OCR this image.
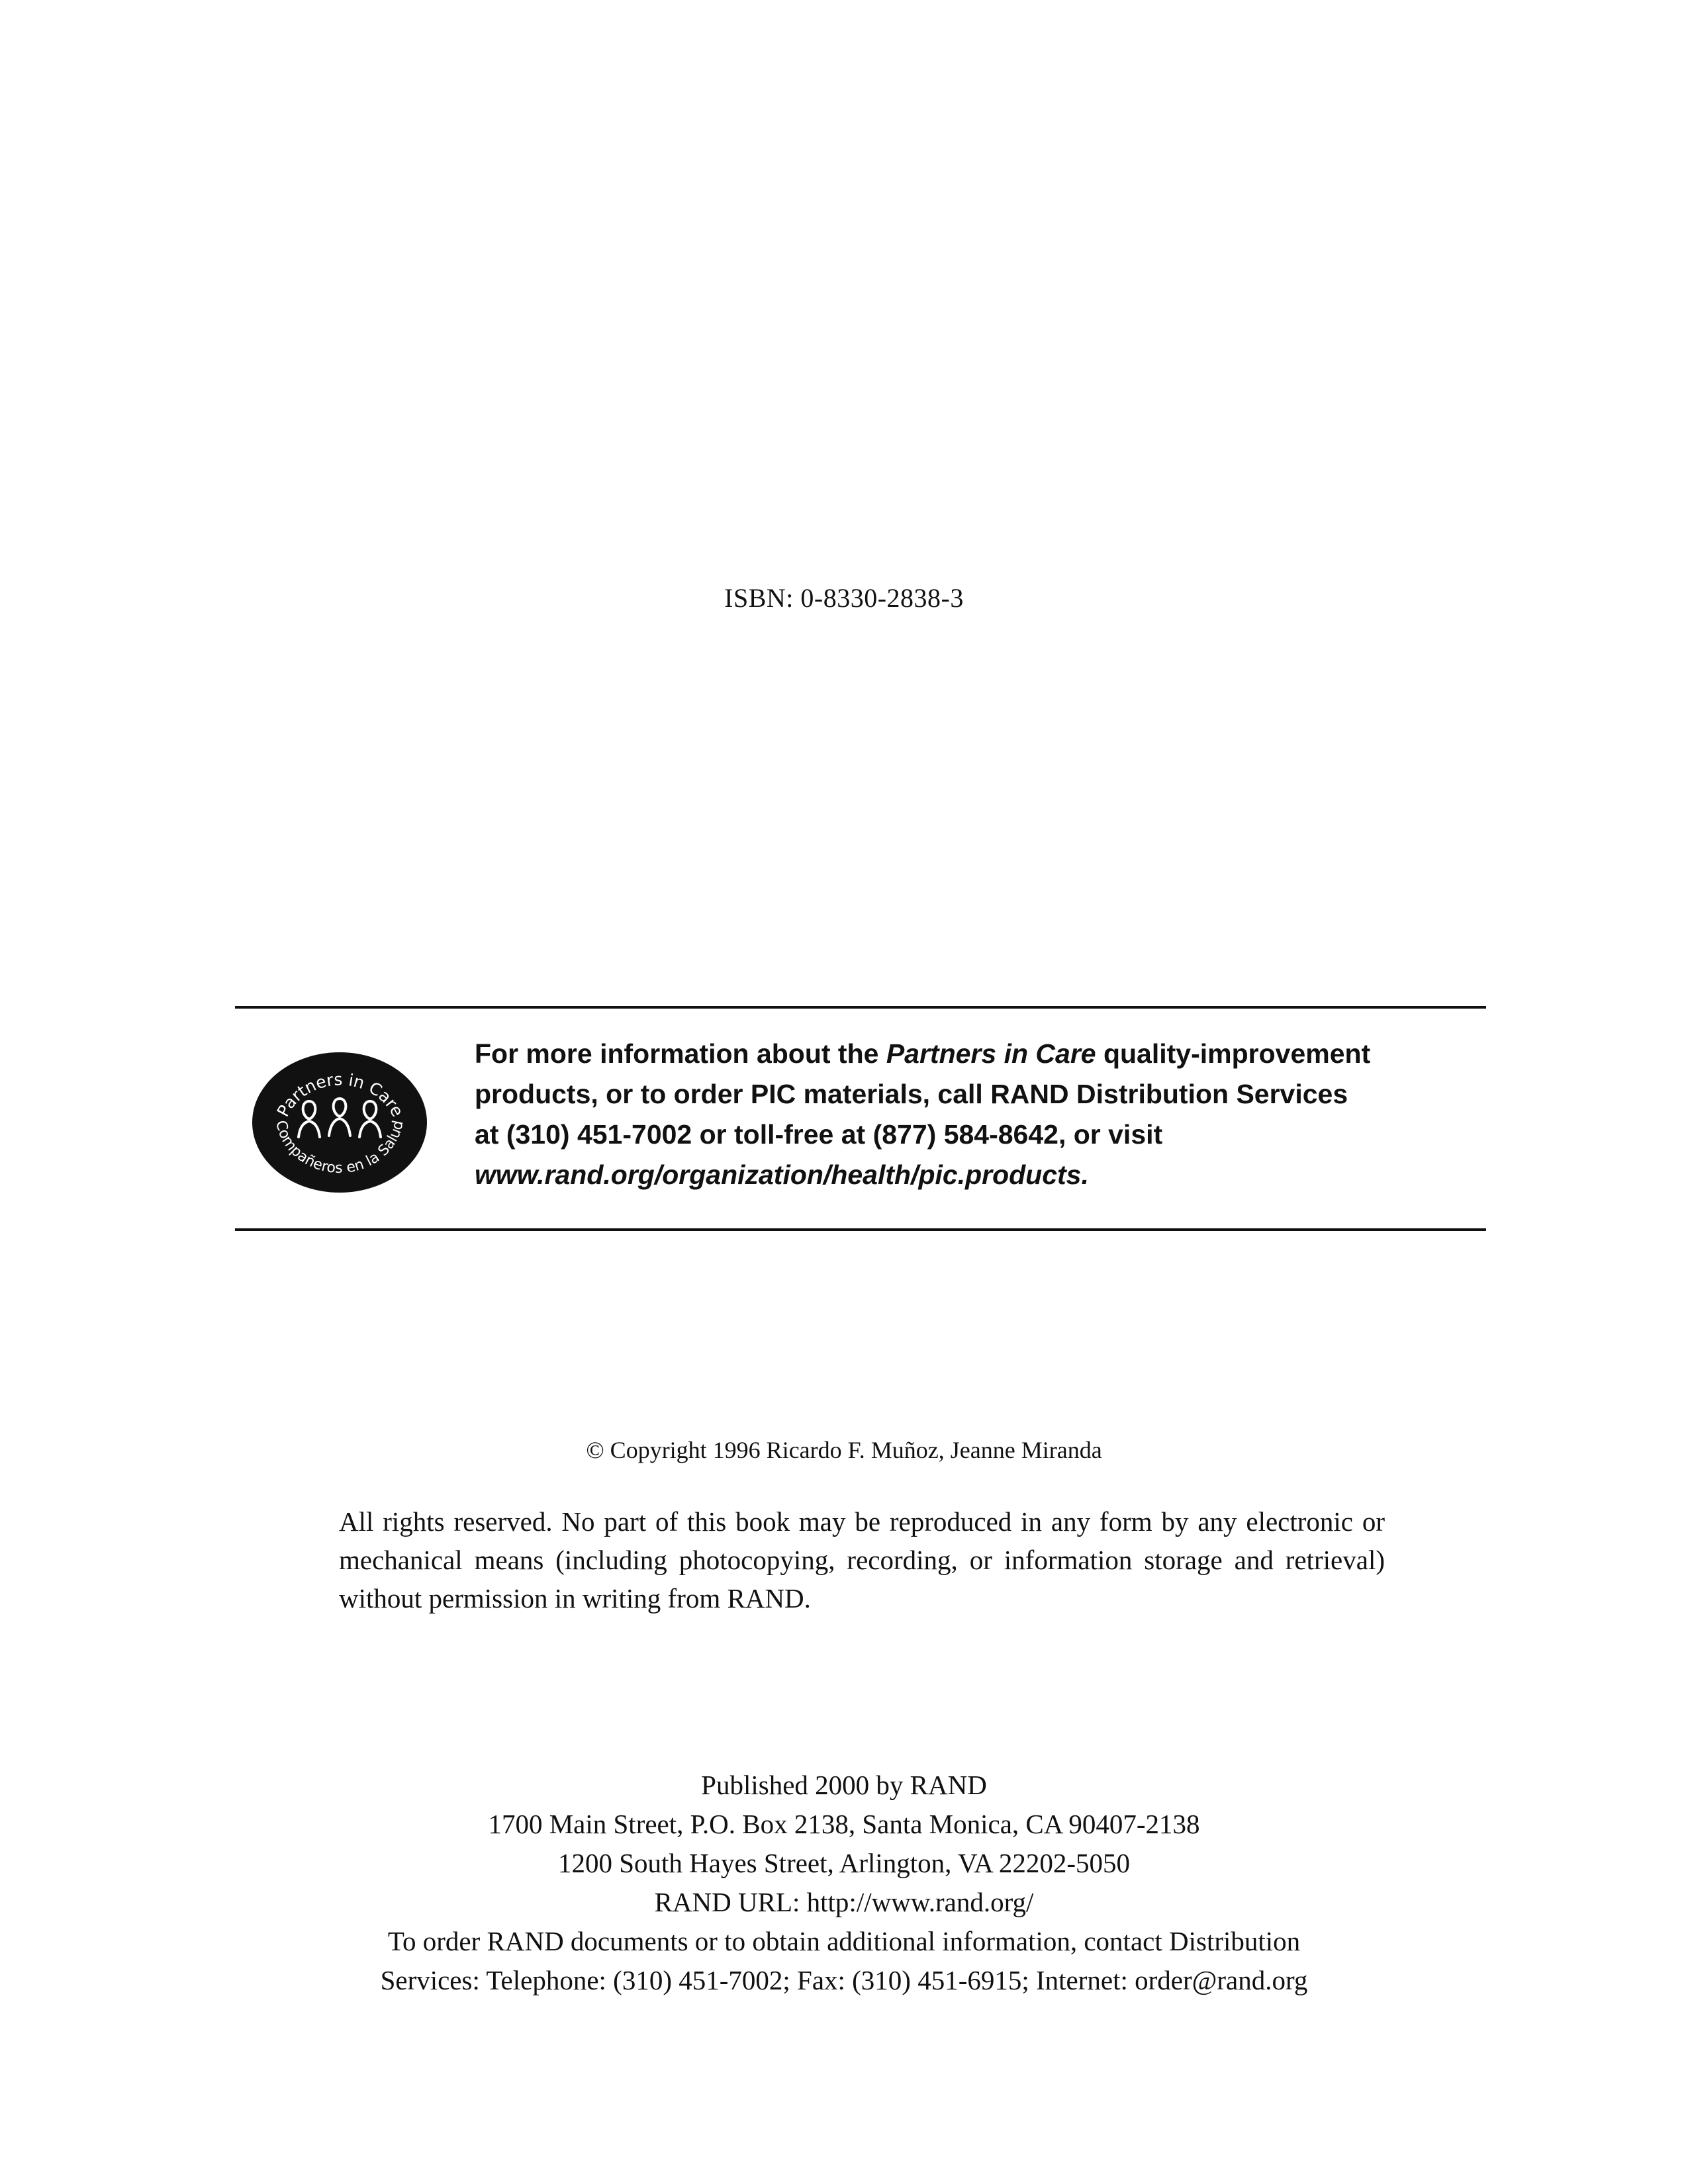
ISBN: 0-8330-2838-3
Partners in Care
Compañeros en la Salud
For more information about the Partners in Care quality-improvement
products, or to order PIC materials, call RAND Distribution Services
at (310) 451-7002 or toll-free at (877) 584-8642, or visit
www.rand.org/organization/health/pic.products.
© Copyright 1996 Ricardo F. Muñoz, Jeanne Miranda
All rights reserved. No part of this book may be reproduced in any form by any electronic or mechanical means (including photocopying, recording, or information storage and retrieval) without permission in writing from RAND.
Published 2000 by RAND
1700 Main Street, P.O. Box 2138, Santa Monica, CA 90407-2138
1200 South Hayes Street, Arlington, VA 22202-5050
RAND URL: http://www.rand.org/
To order RAND documents or to obtain additional information, contact Distribution
Services: Telephone: (310) 451-7002; Fax: (310) 451-6915; Internet: order@rand.org
